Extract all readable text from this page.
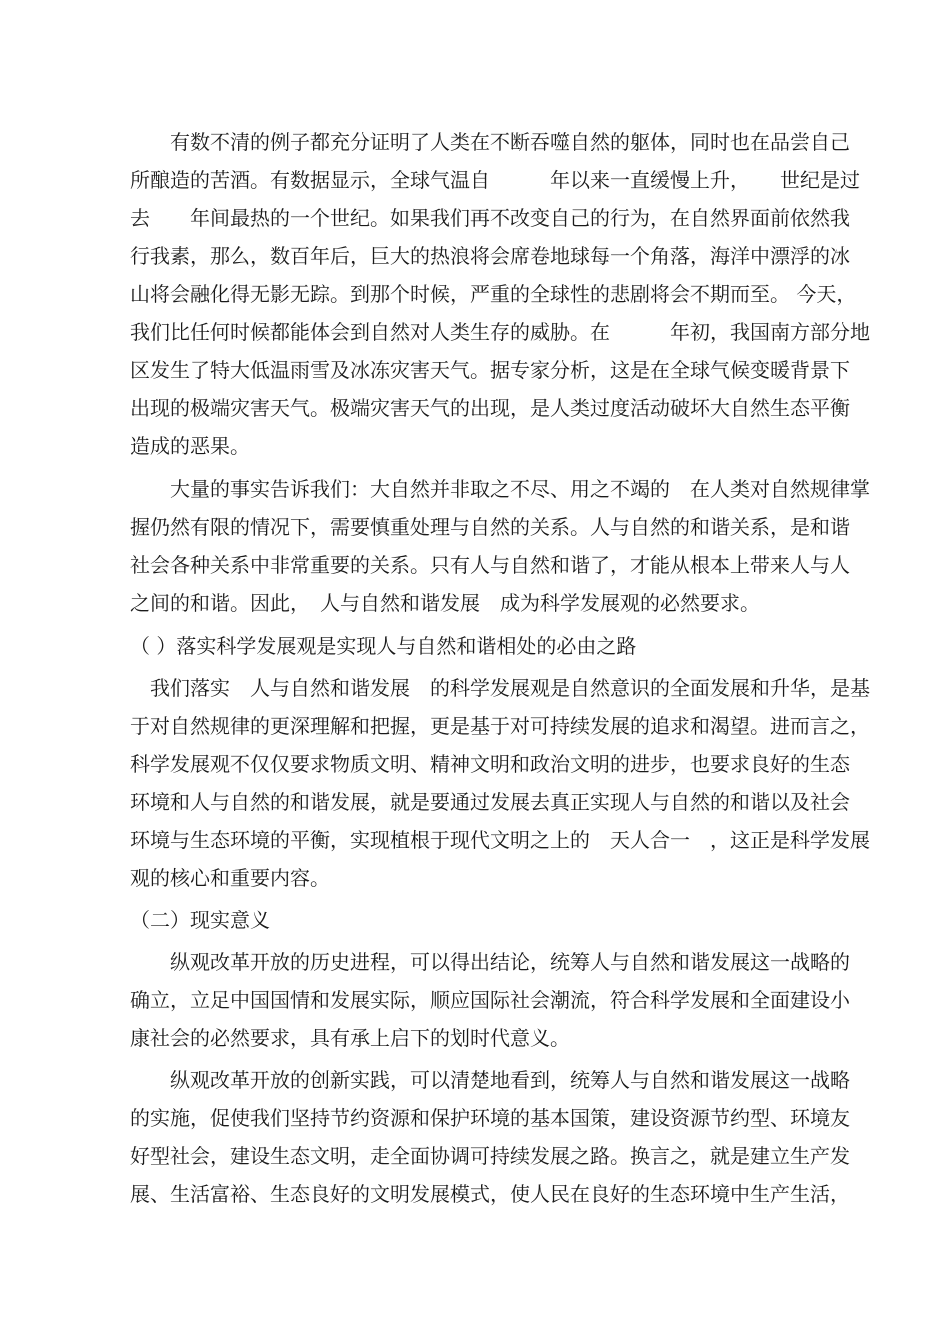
　　有数不清的例子都充分证明了人类在不断吞噬自然的躯体，同时也在品尝自己
所酿造的苦酒。有数据显示，全球气温自　　　年以来一直缓慢上升，　　世纪是过
去　　年间最热的一个世纪。如果我们再不改变自己的行为，在自然界面前依然我
行我素，那么，数百年后，巨大的热浪将会席卷地球每一个角落，海洋中漂浮的冰
山将会融化得无影无踪。到那个时候，严重的全球性的悲剧将会不期而至。 今天，
我们比任何时候都能体会到自然对人类生存的威胁。在　　　年初，我国南方部分地
区发生了特大低温雨雪及冰冻灾害天气。据专家分析，这是在全球气候变暖背景下
出现的极端灾害天气。极端灾害天气的出现，是人类过度活动破坏大自然生态平衡
造成的恶果。
　　大量的事实告诉我们：大自然并非取之不尽、用之不竭的　在人类对自然规律掌
握仍然有限的情况下，需要慎重处理与自然的关系。人与自然的和谐关系，是和谐
社会各种关系中非常重要的关系。只有人与自然和谐了，才能从根本上带来人与人
之间的和谐。因此，　人与自然和谐发展　成为科学发展观的必然要求。
（ ）落实科学发展观是实现人与自然和谐相处的必由之路
　我们落实　人与自然和谐发展　的科学发展观是自然意识的全面发展和升华，是基
于对自然规律的更深理解和把握，更是基于对可持续发展的追求和渴望。进而言之，
科学发展观不仅仅要求物质文明、精神文明和政治文明的进步，也要求良好的生态
环境和人与自然的和谐发展，就是要通过发展去真正实现人与自然的和谐以及社会
环境与生态环境的平衡，实现植根于现代文明之上的　天人合一　，这正是科学发展
观的核心和重要内容。
（二）现实意义
　　纵观改革开放的历史进程，可以得出结论，统筹人与自然和谐发展这一战略的
确立，立足中国国情和发展实际，顺应国际社会潮流，符合科学发展和全面建设小
康社会的必然要求，具有承上启下的划时代意义。
　　纵观改革开放的创新实践，可以清楚地看到，统筹人与自然和谐发展这一战略
的实施，促使我们坚持节约资源和保护环境的基本国策，建设资源节约型、环境友
好型社会，建设生态文明，走全面协调可持续发展之路。换言之，就是建立生产发
展、生活富裕、生态良好的文明发展模式，使人民在良好的生态环境中生产生活，
